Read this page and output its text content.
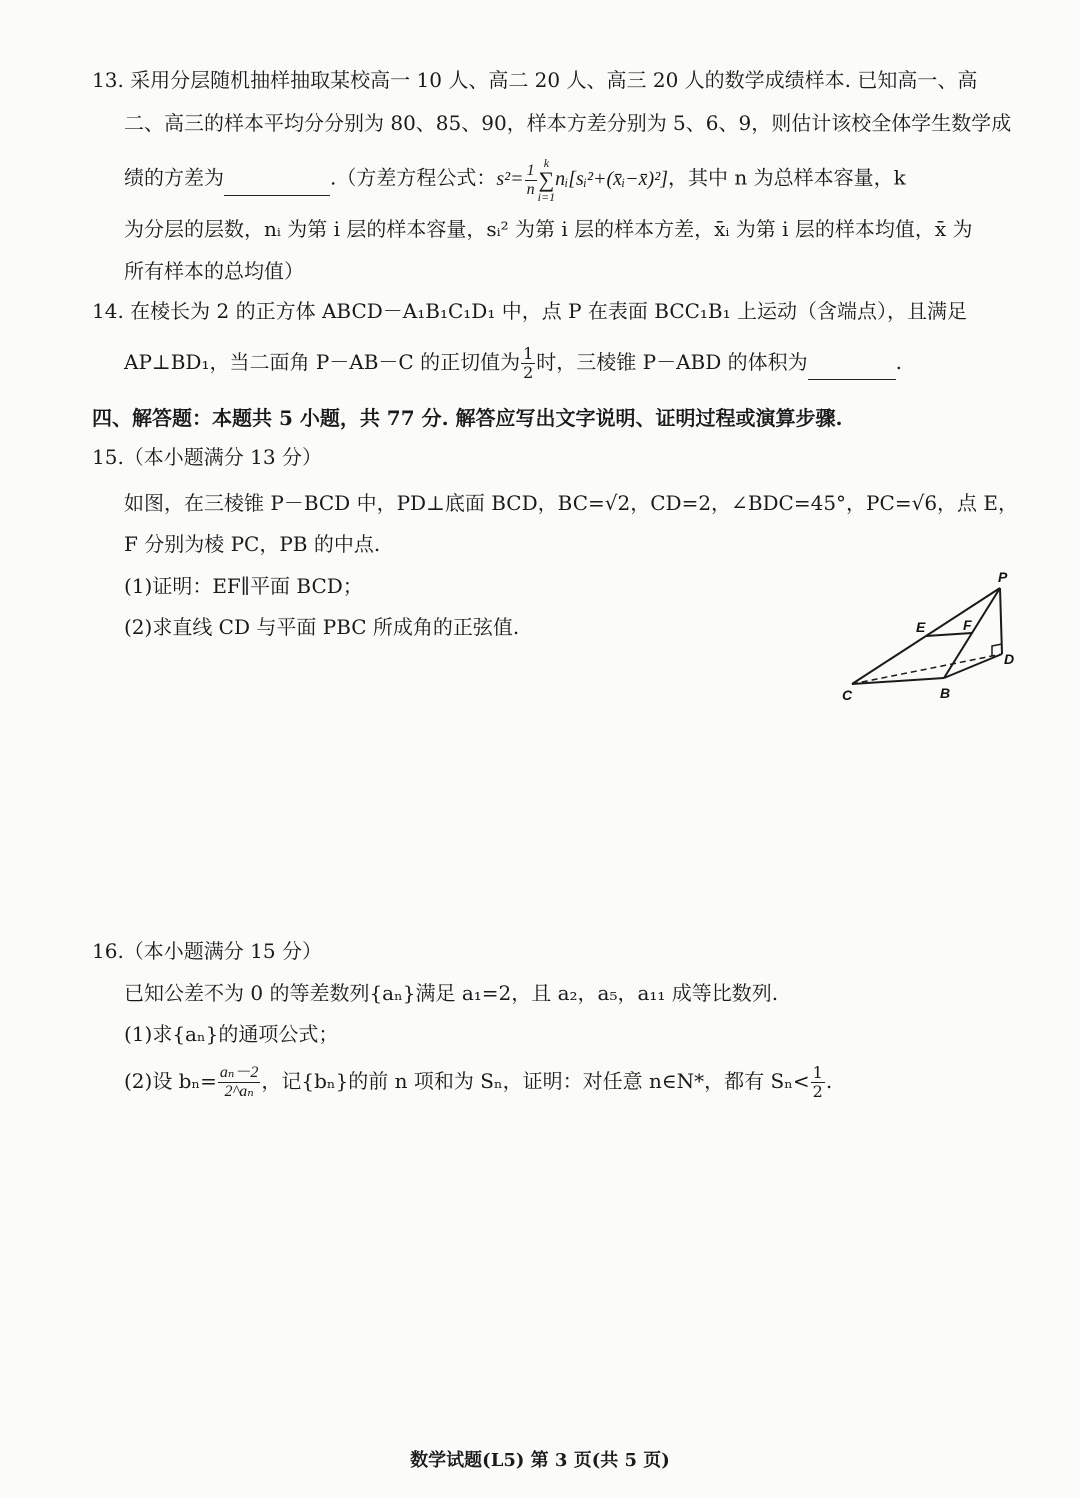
13. 采用分层随机抽样抽取某校高一 10 人、高二 20 人、高三 20 人的数学成绩样本. 已知高一、高
二、高三的样本平均分分别为 80、85、90，样本方差分别为 5、6、9，则估计该校全体学生数学成
绩的方差为	.（方差方程公式：$s^2= \frac{1}{n}$ k
∑
i=1
nᵢ[sᵢ²+(x̄ᵢ−x̄)²]，其中 n 为总样本容量，k
为分层的层数，nᵢ 为第 i 层的样本容量，sᵢ² 为第 i 层的样本方差，x̄ᵢ 为第 i 层的样本均值，x̄ 为
所有样本的总均值）
14. 在棱长为 2 的正方体 ABCD－A₁B₁C₁D₁ 中，点 P 在表面 BCC₁B₁ 上运动（含端点），且满足
AP⊥BD₁，当二面角 P－AB－C 的正切值为 $\frac{1}{2}$ 时，三棱锥 P－ABD 的体积为	.
四、解答题：本题共 5 小题，共 77 分. 解答应写出文字说明、证明过程或演算步骤.
15.（本小题满分 13 分）
如图，在三棱锥 P－BCD 中，PD⊥底面 BCD，BC=√2，CD=2，∠BDC=45°，PC=√6，点 E，
F 分别为棱 PC，PB 的中点.
(1)证明：EF∥平面 BCD；
(2)求直线 CD 与平面 PBC 所成角的正弦值.
P
E	F
D
C	B
16.（本小题满分 15 分）
已知公差不为 0 的等差数列{aₙ}满足 a₁=2，且 a₂，a₅，a₁₁ 成等比数列.
(1)求{aₙ}的通项公式；
(2)设 $b_n= \frac{\text{aₙ－2}}{\text{2\textasciicircum{}aₙ}}$ ，记{bₙ}的前 n 项和为 Sₙ，证明：对任意 n∈N*，都有 $S_n< \frac{1}{2}$ .
数学试题(L5) 第 3 页(共 5 页)
